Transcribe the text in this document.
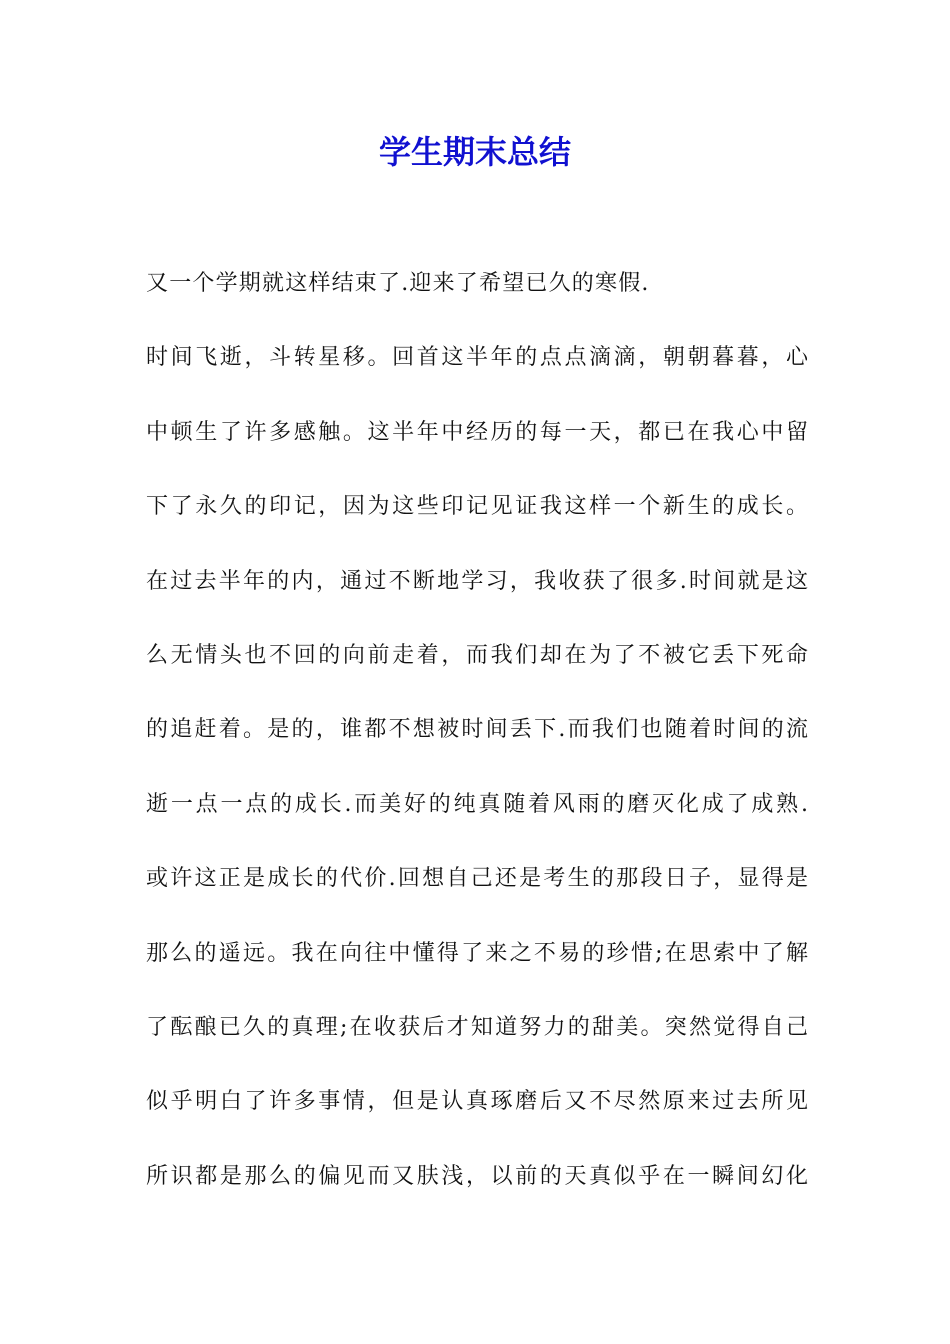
学生期末总结
又一个学期就这样结束了.迎来了希望已久的寒假.
时间飞逝，斗转星移。回首这半年的点点滴滴，朝朝暮暮，心
中顿生了许多感触。这半年中经历的每一天，都已在我心中留
下了永久的印记，因为这些印记见证我这样一个新生的成长。
在过去半年的内，通过不断地学习，我收获了很多.时间就是这
么无情头也不回的向前走着，而我们却在为了不被它丢下死命
的追赶着。是的，谁都不想被时间丢下.而我们也随着时间的流
逝一点一点的成长.而美好的纯真随着风雨的磨灭化成了成熟.
或许这正是成长的代价.回想自己还是考生的那段日子，显得是
那么的遥远。我在向往中懂得了来之不易的珍惜;在思索中了解
了酝酿已久的真理;在收获后才知道努力的甜美。突然觉得自己
似乎明白了许多事情，但是认真琢磨后又不尽然原来过去所见
所识都是那么的偏见而又肤浅，以前的天真似乎在一瞬间幻化
